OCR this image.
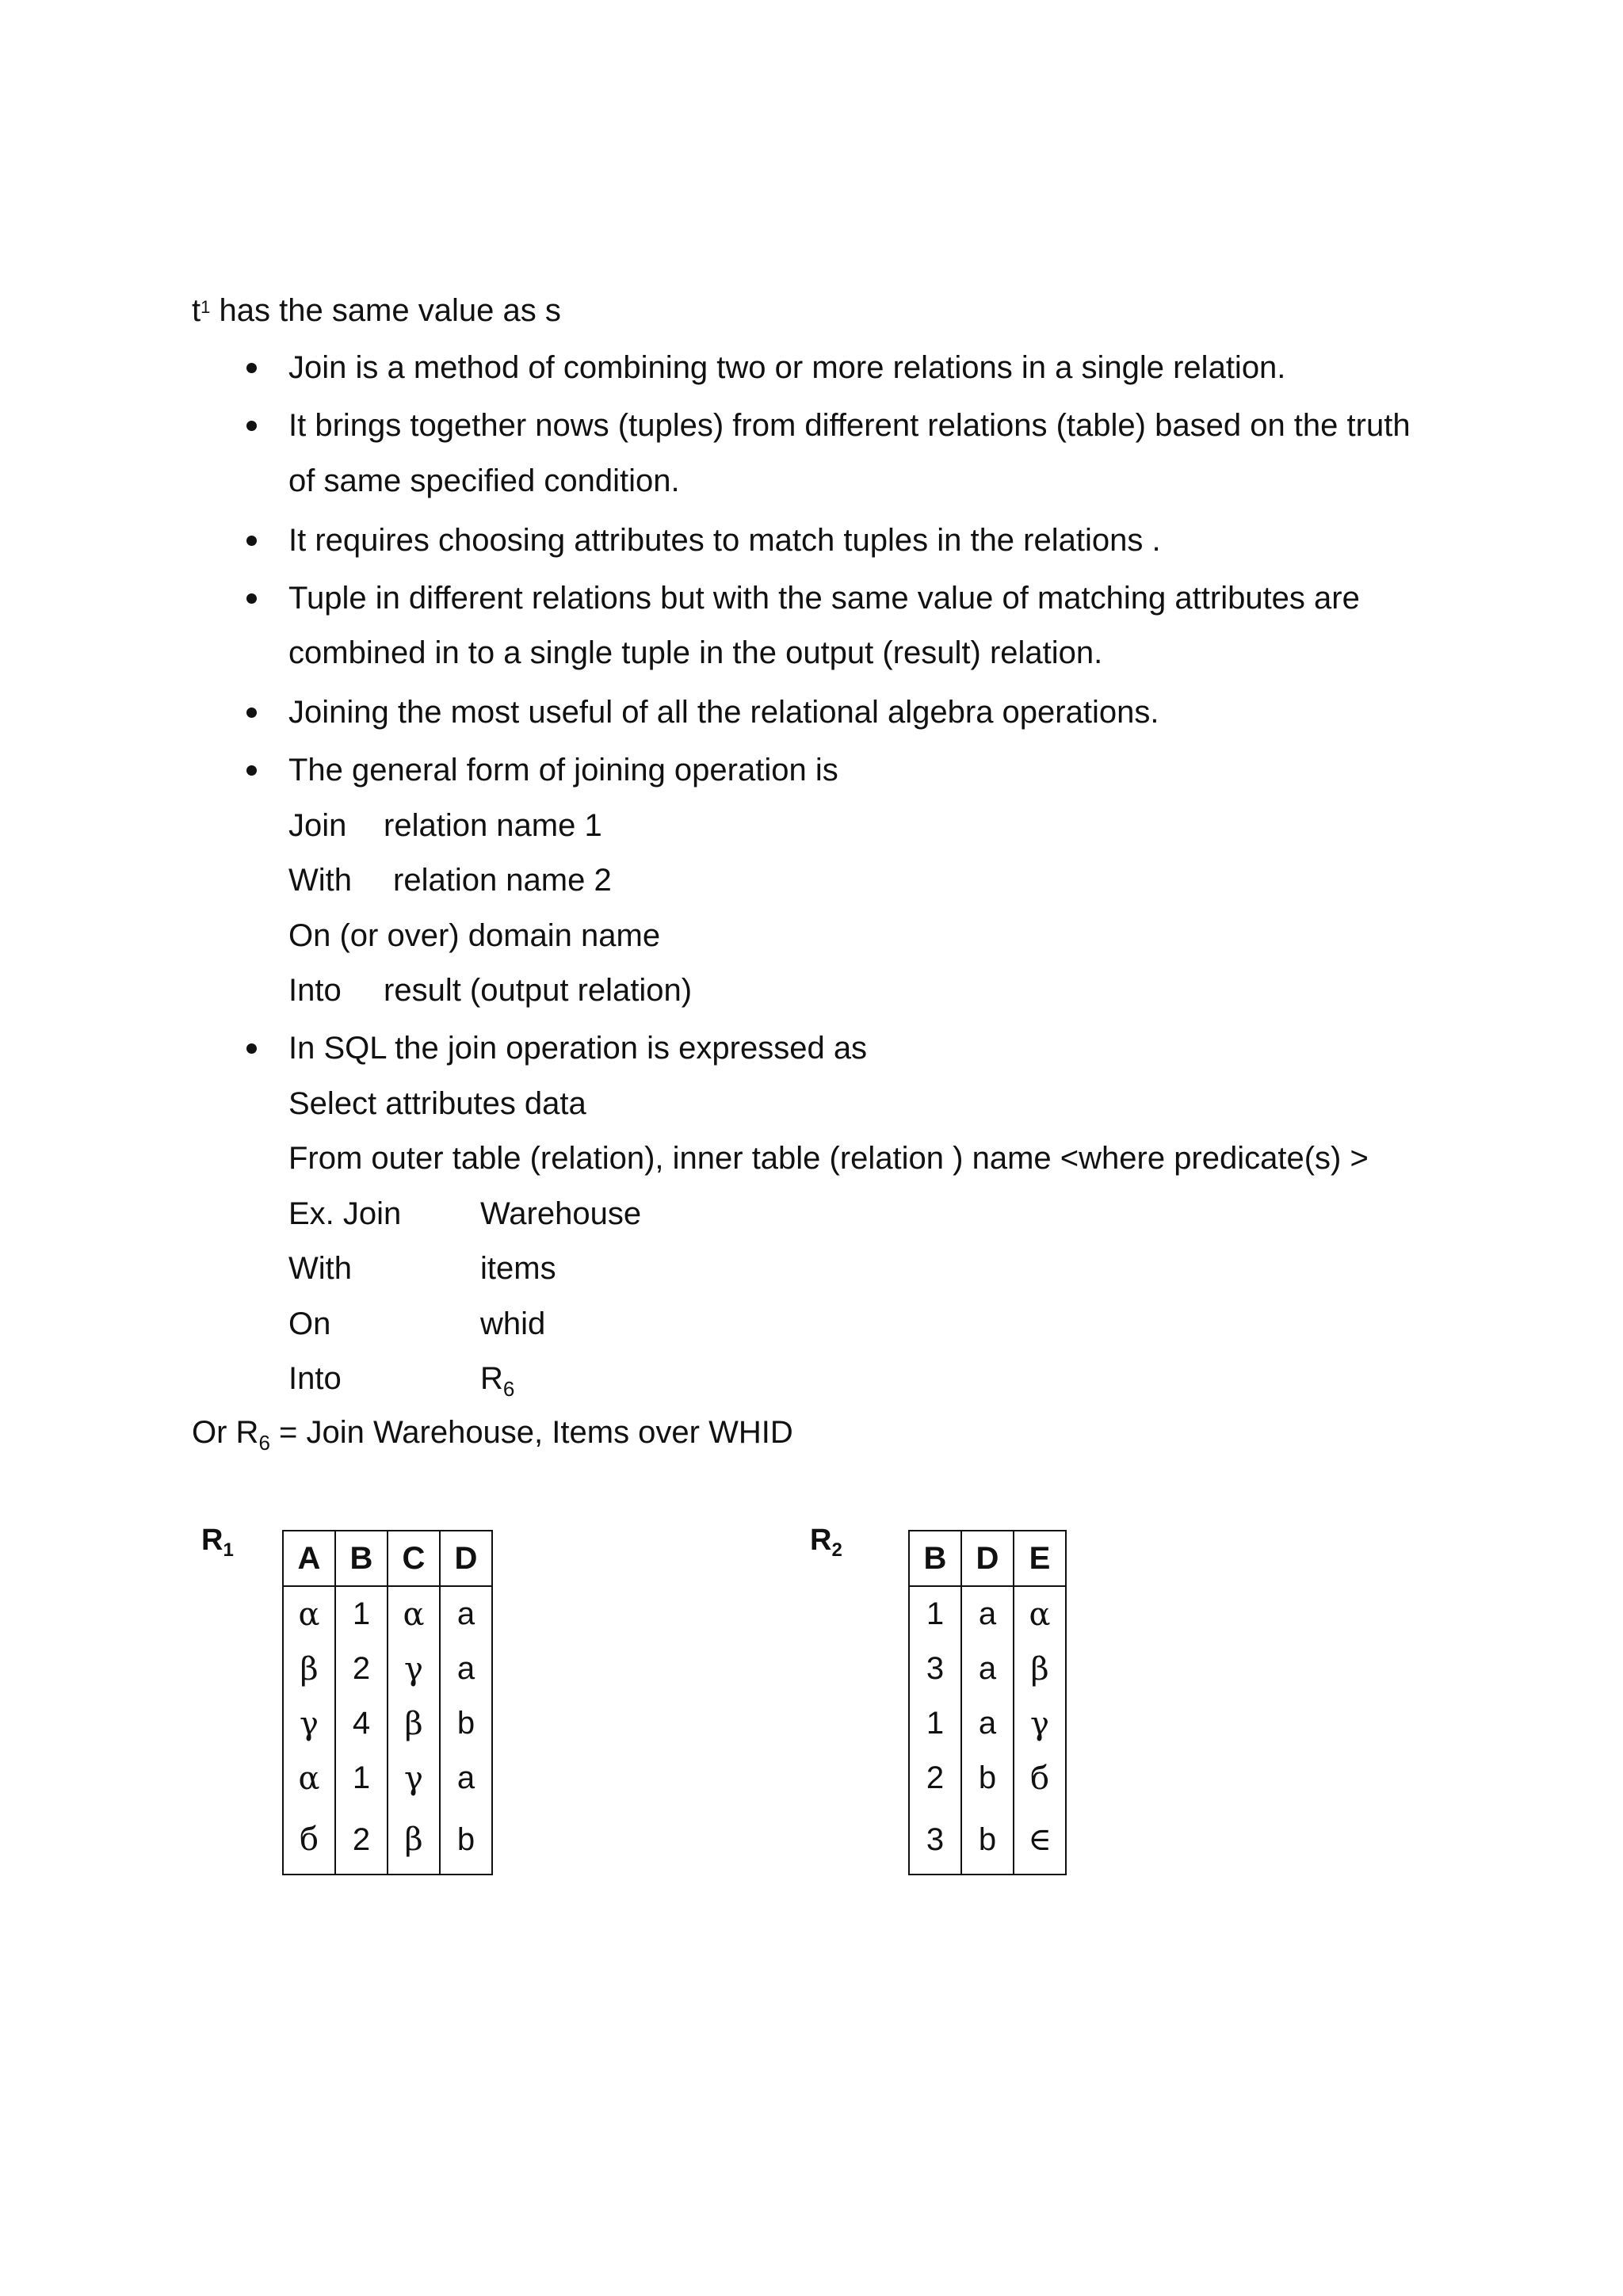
$t^1$ has the same value as s
Join is a method of combining two or more relations in a single relation.
It brings together nows (tuples) from different relations (table) based on the truth
of same specified condition.
It requires choosing attributes to match tuples in the relations .
Tuple in different relations but with the same value of matching attributes are
combined in to a single tuple in the output (result) relation.
Joining the most useful of all the relational algebra operations.
The general form of joining operation is
Join relation name 1
With relation name 2
On (or over) domain name
Into result (output relation)
In SQL the join operation is expressed as
Select attributes data
From outer table (relation), inner table (relation ) name <where predicate(s) >
Ex. Join Warehouse
With	items
On	whid
Into	$R_6$
Or $R_6$ = Join Warehouse, Items over WHID
$R_1$ A	B	C	D
α	1	α	a
β	2	γ	a
γ	4	β	b
α	1	γ	a
б	2	β	b
$R_2$	B	D	E
1	a	α
3	a	β
1	a	γ
2	b	б
3	b	∈
